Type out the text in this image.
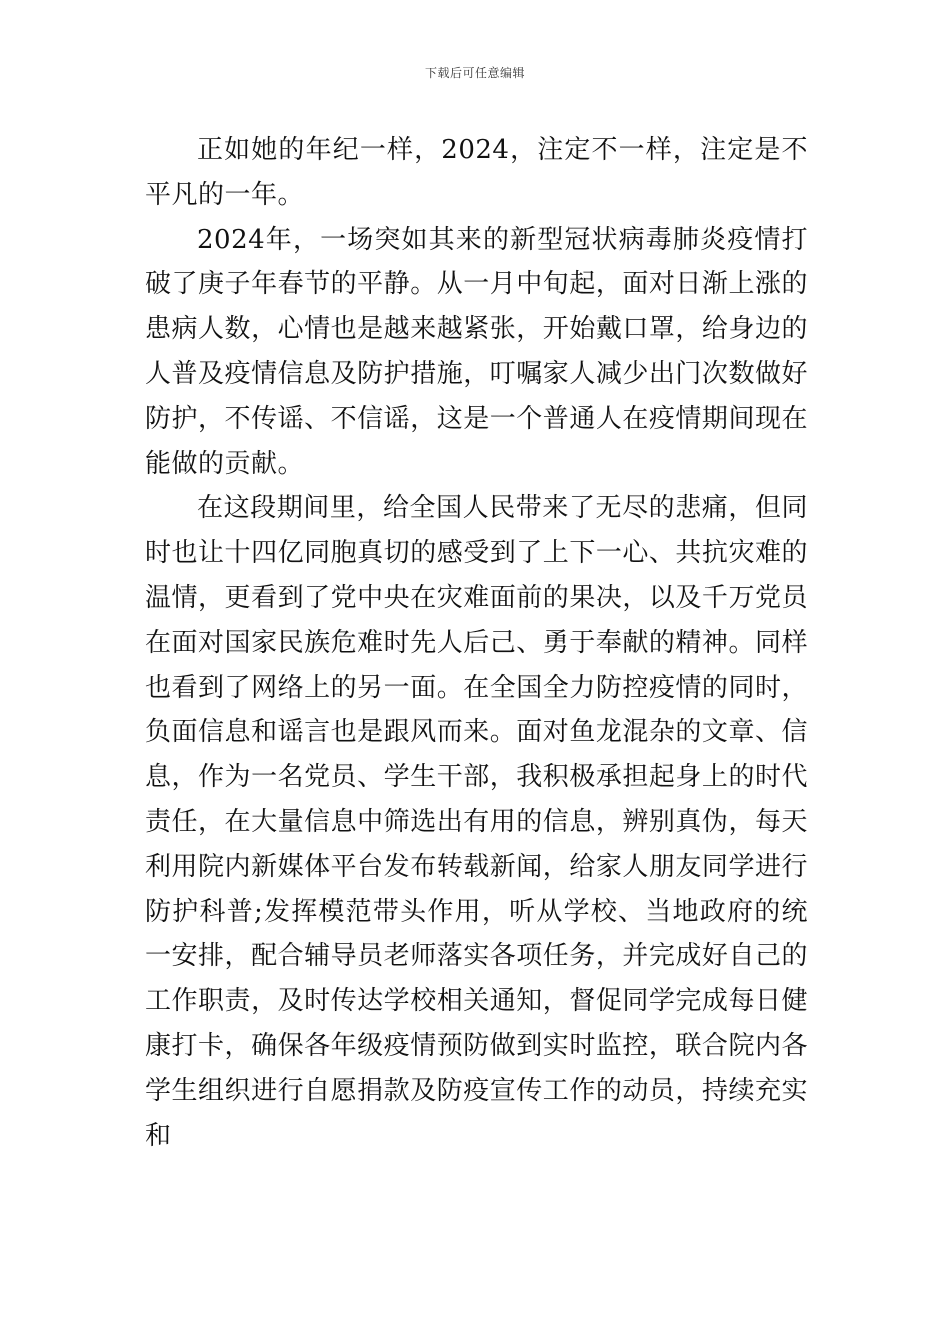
下载后可任意编辑

正如她的年纪一样，2024，注定不一样，注定是不平凡的一年。

2024年，一场突如其来的新型冠状病毒肺炎疫情打破了庚子年春节的平静。从一月中旬起，面对日渐上涨的患病人数，心情也是越来越紧张，开始戴口罩，给身边的人普及疫情信息及防护措施，叮嘱家人减少出门次数做好防护，不传谣、不信谣，这是一个普通人在疫情期间现在能做的贡献。

在这段期间里，给全国人民带来了无尽的悲痛，但同时也让十四亿同胞真切的感受到了上下一心、共抗灾难的温情，更看到了党中央在灾难面前的果决，以及千万党员在面对国家民族危难时先人后己、勇于奉献的精神。同样也看到了网络上的另一面。在全国全力防控疫情的同时，负面信息和谣言也是跟风而来。面对鱼龙混杂的文章、信息，作为一名党员、学生干部，我积极承担起身上的时代责任，在大量信息中筛选出有用的信息，辨别真伪，每天利用院内新媒体平台发布转载新闻，给家人朋友同学进行防护科普;发挥模范带头作用，听从学校、当地政府的统一安排，配合辅导员老师落实各项任务，并完成好自己的工作职责，及时传达学校相关通知，督促同学完成每日健康打卡，确保各年级疫情预防做到实时监控，联合院内各学生组织进行自愿捐款及防疫宣传工作的动员，持续充实和
